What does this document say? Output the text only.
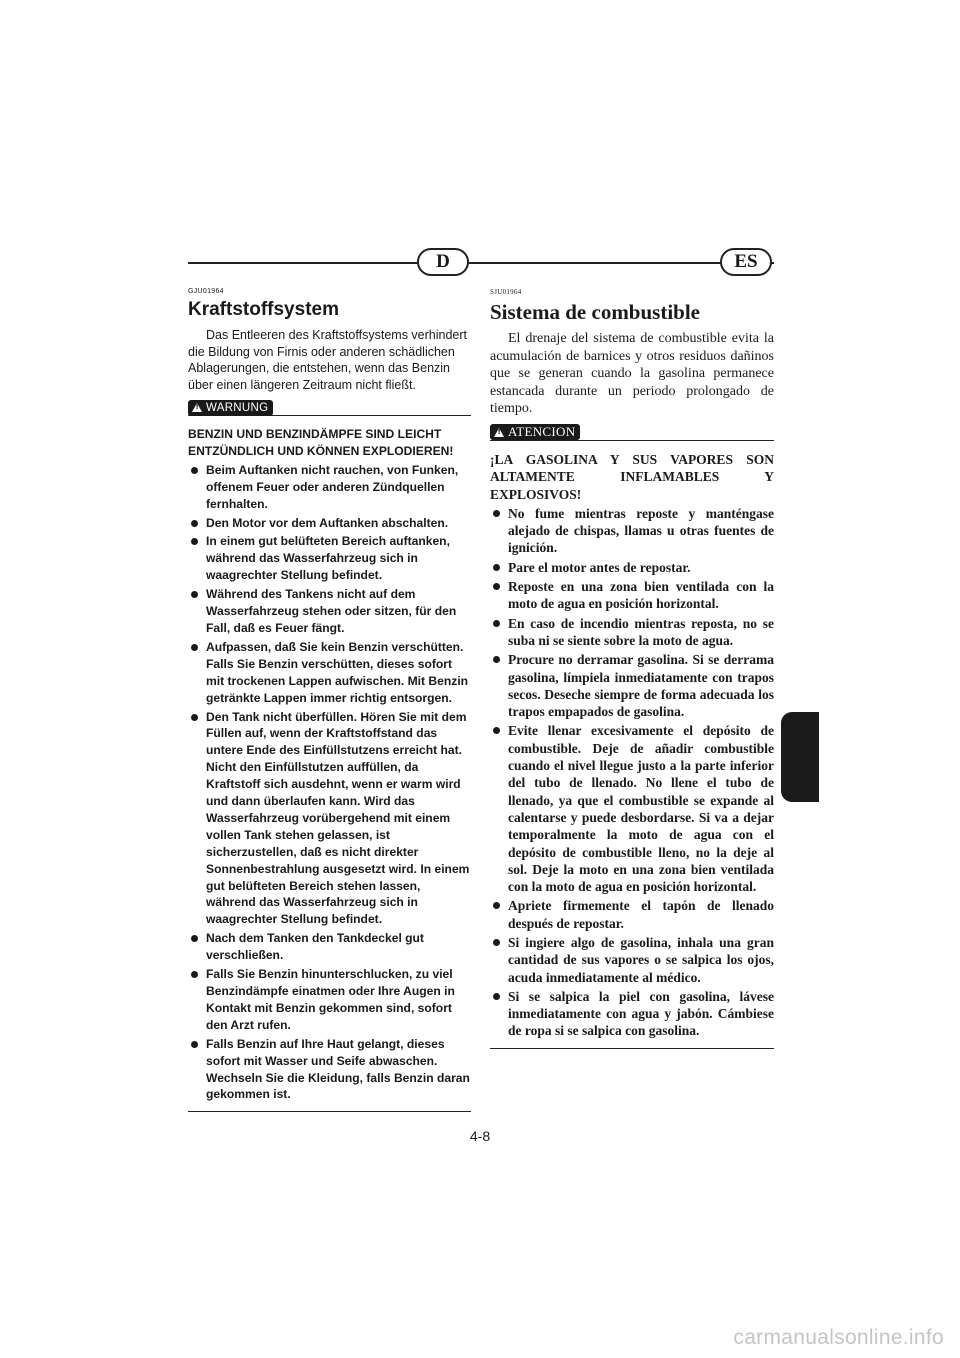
D	ES
GJU01964
Kraftstoffsystem

Das Entleeren des Kraftstoffsystems verhindert die Bildung von Firnis oder anderen schädlichen Ablagerungen, die entstehen, wenn das Benzin über einen längeren Zeitraum nicht fließt.

!
WARNUNG

BENZIN UND BENZINDÄMPFE SIND LEICHT ENTZÜNDLICH UND KÖNNEN EXPLODIEREN!

Beim Auftanken nicht rauchen, von Funken, offenem Feuer oder anderen Zündquellen fernhalten.
Den Motor vor dem Auftanken abschalten.
In einem gut belüfteten Bereich auftanken, während das Wasserfahrzeug sich in waagrechter Stellung befindet.
Während des Tankens nicht auf dem Wasserfahrzeug stehen oder sitzen, für den Fall, daß es Feuer fängt.
Aufpassen, daß Sie kein Benzin verschütten. Falls Sie Benzin verschütten, dieses sofort mit trockenen Lappen aufwischen. Mit Benzin getränkte Lappen immer richtig entsorgen.
Den Tank nicht überfüllen. Hören Sie mit dem Füllen auf, wenn der Kraftstoffstand das untere Ende des Einfüllstutzens erreicht hat. Nicht den Einfüllstutzen auffüllen, da Kraftstoff sich ausdehnt, wenn er warm wird und dann überlaufen kann. Wird das Wasserfahrzeug vorübergehend mit einem vollen Tank stehen gelassen, ist sicherzustellen, daß es nicht direkter Sonnenbestrahlung ausgesetzt wird. In einem gut belüfteten Bereich stehen lassen, während das Wasserfahrzeug sich in waagrechter Stellung befindet.
Nach dem Tanken den Tankdeckel gut verschließen.
Falls Sie Benzin hinunterschlucken, zu viel Benzindämpfe einatmen oder Ihre Augen in Kontakt mit Benzin gekommen sind, sofort den Arzt rufen.
Falls Benzin auf Ihre Haut gelangt, dieses sofort mit Wasser und Seife abwaschen. Wechseln Sie die Kleidung, falls Benzin daran gekommen ist.
SJU01964
Sistema de combustible

El drenaje del sistema de combustible evita la acumulación de barnices y otros residuos dañinos que se generan cuando la gasolina permanece estancada durante un periodo prolongado de tiempo.

!
ATENCION

¡LA GASOLINA Y SUS VAPORES SON ALTAMENTE INFLAMABLES Y EXPLOSIVOS!

No fume mientras reposte y manténgase alejado de chispas, llamas u otras fuentes de ignición.
Pare el motor antes de repostar.
Reposte en una zona bien ventilada con la moto de agua en posición horizontal.
En caso de incendio mientras reposta, no se suba ni se siente sobre la moto de agua.
Procure no derramar gasolina. Si se derrama gasolina, límpiela inmediatamente con trapos secos. Deseche siempre de forma adecuada los trapos empapados de gasolina.
Evite llenar excesivamente el depósito de combustible. Deje de añadir combustible cuando el nivel llegue justo a la parte inferior del tubo de llenado. No llene el tubo de llenado, ya que el combustible se expande al calentarse y puede desbordarse. Si va a dejar temporalmente la moto de agua con el depósito de combustible lleno, no la deje al sol. Deje la moto en una zona bien ventilada con la moto de agua en posición horizontal.
Apriete firmemente el tapón de llenado después de repostar.
Si ingiere algo de gasolina, inhala una gran cantidad de sus vapores o se salpica los ojos, acuda inmediatamente al médico.
Si se salpica la piel con gasolina, lávese inmediatamente con agua y jabón. Cámbiese de ropa si se salpica con gasolina.
4-8
carmanualsonline.info
